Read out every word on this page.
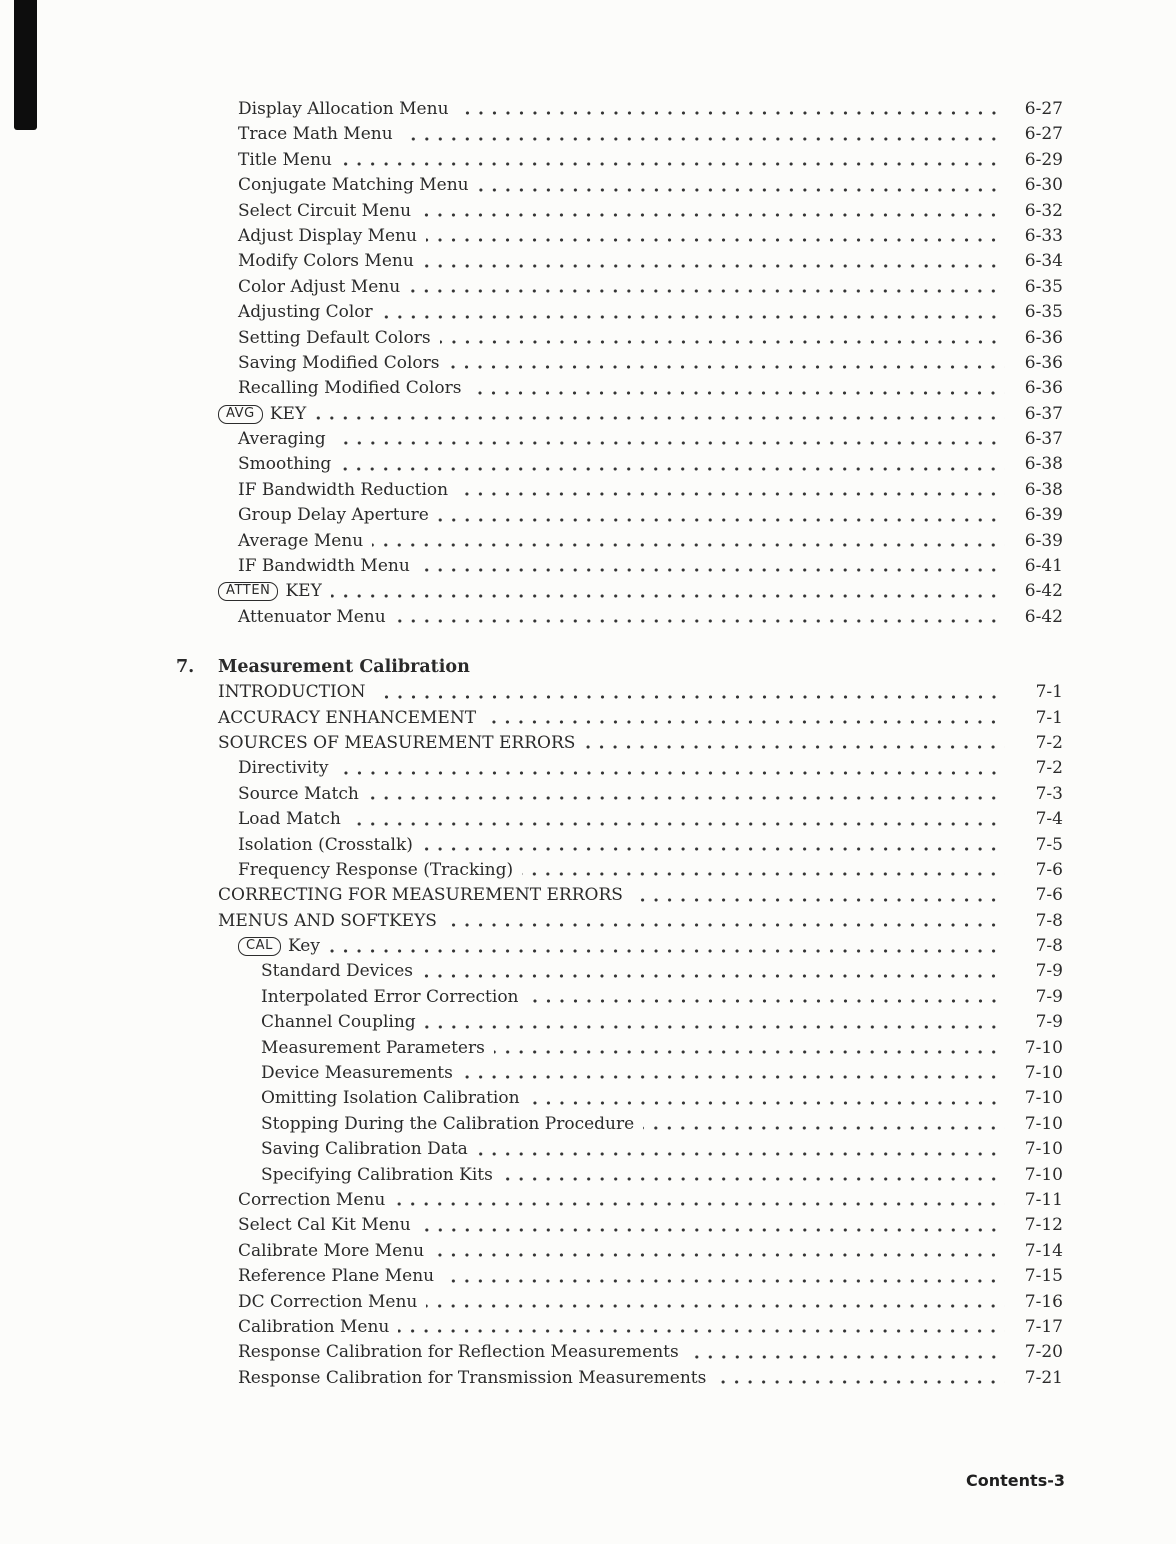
Display Allocation Menu	6-27
Trace Math Menu	6-27
Title Menu	6-29
Conjugate Matching Menu	6-30
Select Circuit Menu	6-32
Adjust Display Menu	6-33
Modify Colors Menu	6-34
Color Adjust Menu	6-35
Adjusting Color	6-35
Setting Default Colors	6-36
Saving Modified Colors	6-36
Recalling Modified Colors	6-36
AVG KEY	6-37
Averaging	6-37
Smoothing	6-38
IF Bandwidth Reduction	6-38
Group Delay Aperture	6-39
Average Menu	6-39
IF Bandwidth Menu	6-41
ATTEN KEY	6-42
Attenuator Menu	6-42
7.	Measurement Calibration
INTRODUCTION	7-1
ACCURACY ENHANCEMENT	7-1
SOURCES OF MEASUREMENT ERRORS	7-2
Directivity	7-2
Source Match	7-3
Load Match	7-4
Isolation (Crosstalk)	7-5
Frequency Response (Tracking)	7-6
CORRECTING FOR MEASUREMENT ERRORS	7-6
MENUS AND SOFTKEYS	7-8
CAL Key	7-8
Standard Devices	7-9
Interpolated Error Correction	7-9
Channel Coupling	7-9
Measurement Parameters	7-10
Device Measurements	7-10
Omitting Isolation Calibration	7-10
Stopping During the Calibration Procedure	7-10
Saving Calibration Data	7-10
Specifying Calibration Kits	7-10
Correction Menu	7-11
Select Cal Kit Menu	7-12
Calibrate More Menu	7-14
Reference Plane Menu	7-15
DC Correction Menu	7-16
Calibration Menu	7-17
Response Calibration for Reflection Measurements	7-20
Response Calibration for Transmission Measurements	7-21
Contents-3
